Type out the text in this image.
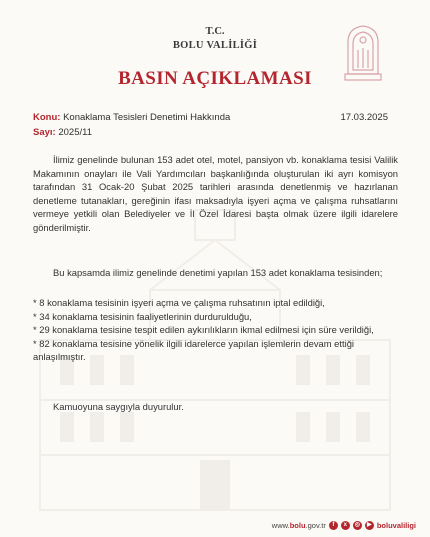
T.C.
BOLU VALİLİĞİ
BASIN AÇIKLAMASI
Konu: Konaklama Tesisleri Denetimi Hakkında	17.03.2025
Sayı: 2025/11
İlimiz genelinde bulunan 153 adet otel, motel, pansiyon vb. konaklama tesisi Valilik Makamının onayları ile Vali Yardımcıları başkanlığında oluşturulan iki ayrı komisyon tarafından 31 Ocak-20 Şubat 2025 tarihleri arasında denetlenmiş ve hazırlanan denetleme tutanakları, gereğinin ifası maksadıyla işyeri açma ve çalışma ruhsatlarını vermeye yetkili olan Belediyeler ve İl Özel İdaresi başta olmak üzere ilgili idarelere gönderilmiştir.
Bu kapsamda ilimiz genelinde denetimi yapılan 153 adet konaklama tesisinden;
* 8 konaklama tesisinin işyeri açma ve çalışma ruhsatının iptal edildiği,
* 34 konaklama tesisinin faaliyetlerinin durdurulduğu,
* 29 konaklama tesisine tespit edilen aykırılıkların ikmal edilmesi için süre verildiği,
* 82 konaklama tesisine yönelik ilgili idarelerce yapılan işlemlerin devam ettiği anlaşılmıştır.
Kamuoyuna saygıyla duyurulur.
www.bolu.gov.tr	f	x	◎	▶ boluvaliligi
